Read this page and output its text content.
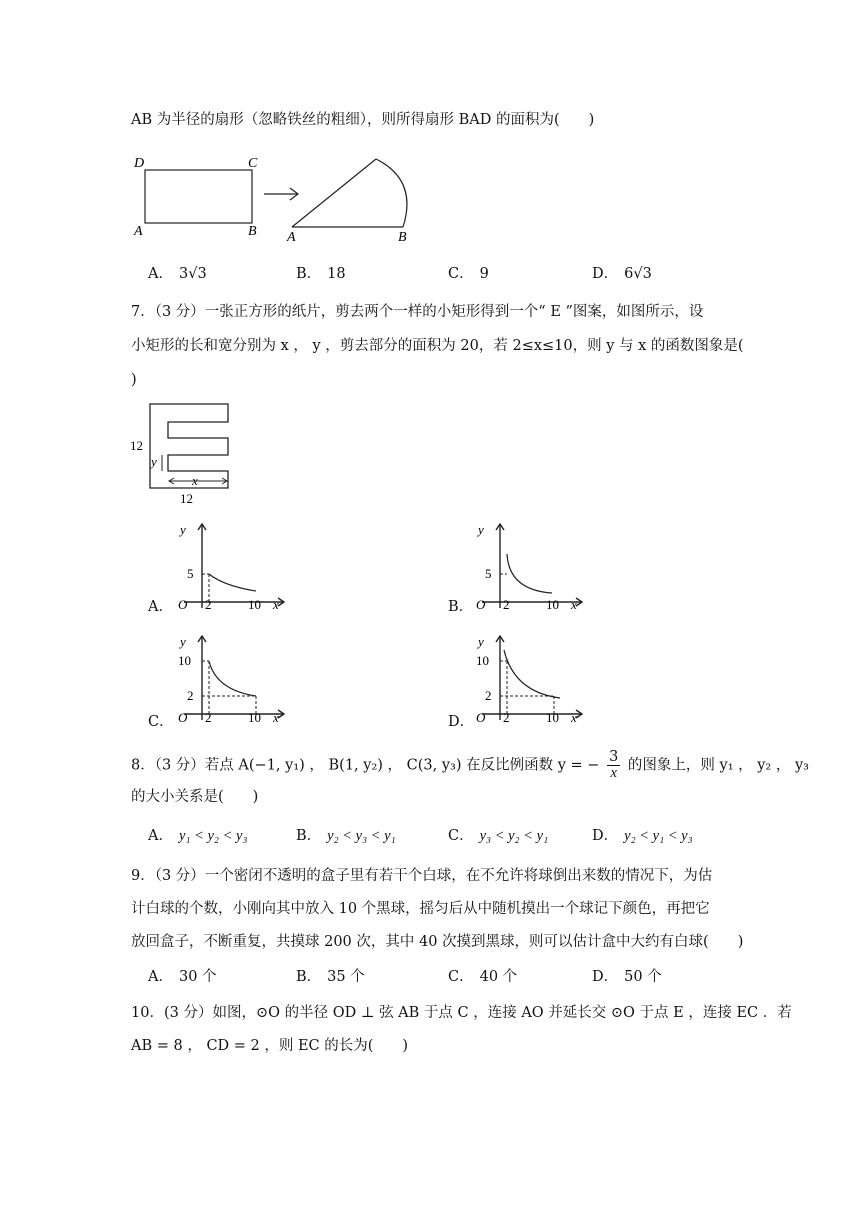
AB 为半径的扇形（忽略铁丝的粗细），则所得扇形 BAD 的面积为(　　)
D	C
A	B A	B
A． 3√3	B． 18	C． 9	D． 6√3
7．（3 分）一张正方形的纸片，剪去两个一样的小矩形得到一个“ E ”图案，如图所示，设
小矩形的长和宽分别为 x ， y ，剪去部分的面积为 20，若 2≤x≤10，则 y 与 x 的函数图象是(
)
12
y
x
12
A．
y
5
O 2	10 x	B．
y
5
O 2	10 x
C．
y
10
2
O 2	10 x	D．
y
10
2
O 2	10 x
8．（3 分）若点 A(−1, y₁) ， B(1, y₂) ， C(3, y₃) 在反比例函数 y = − $\frac{3}{x}$ 的图象上，则 y₁ ， y₂ ， y₃
的大小关系是(　　)
A． y₁ < y₂ < y₃	B． y₂ < y₃ < y₁	C． y₃ < y₂ < y₁	D． y₂ < y₁ < y₃
9．（3 分）一个密闭不透明的盒子里有若干个白球，在不允许将球倒出来数的情况下，为估
计白球的个数，小刚向其中放入 10 个黑球，摇匀后从中随机摸出一个球记下颜色，再把它
放回盒子，不断重复，共摸球 200 次，其中 40 次摸到黑球，则可以估计盒中大约有白球(　　)
A． 30 个	B． 35 个	C． 40 个	D． 50 个
10．(3 分）如图，⊙O 的半径 OD ⊥ 弦 AB 于点 C ，连接 AO 并延长交 ⊙O 于点 E ，连接 EC ．若
AB = 8 ， CD = 2 ，则 EC 的长为(　　)
